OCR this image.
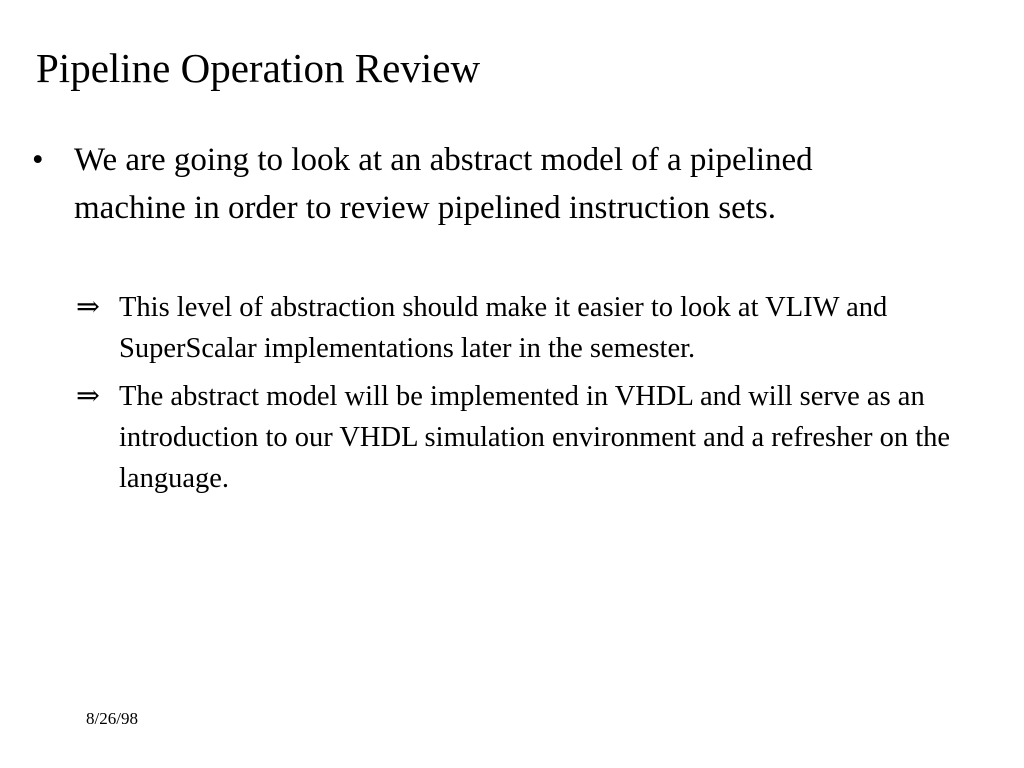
Pipeline Operation Review
• We are going to look at an abstract model of a pipelined machine in order to review pipelined instruction sets.
⇒ This level of abstraction should make it easier to look at VLIW and SuperScalar implementations later in the semester.
⇒ The abstract model will be implemented in VHDL and will serve as an introduction to our VHDL simulation environment and a refresher on the language.
8/26/98
